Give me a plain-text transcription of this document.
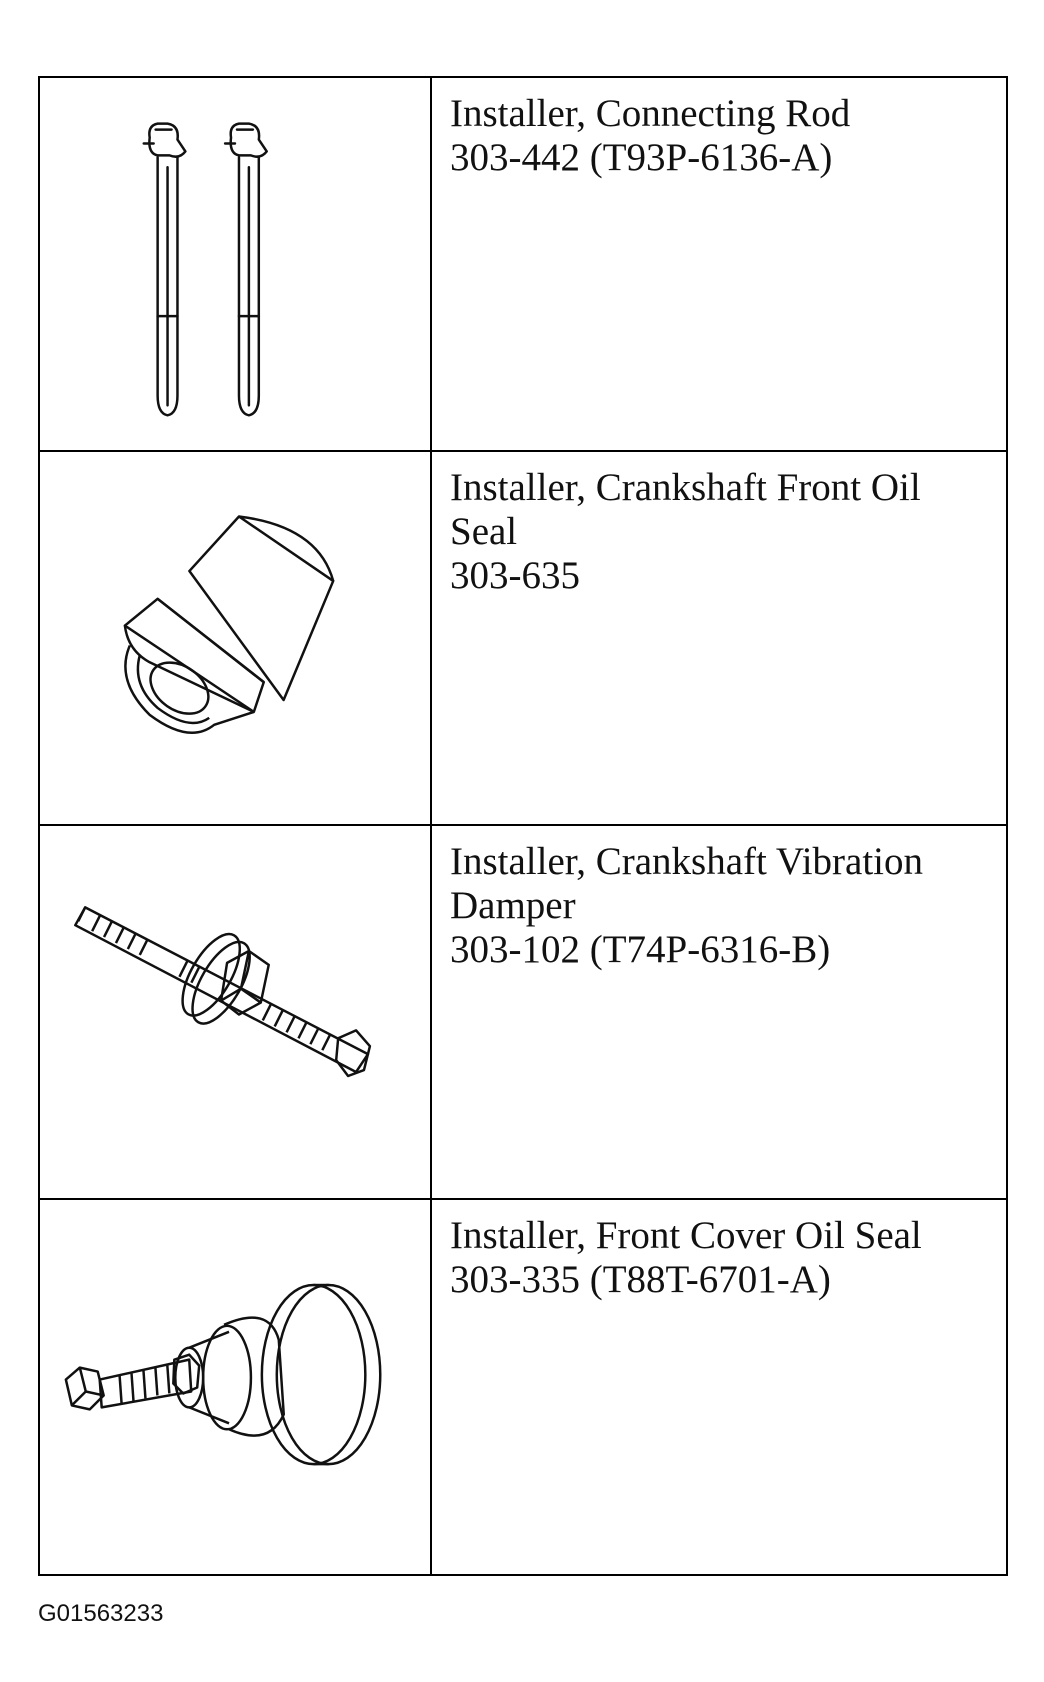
Installer, Connecting Rod
303-442 (T93P-6136-A)

Installer, Crankshaft Front Oil
Seal
303-635

Installer, Crankshaft Vibration
Damper
303-102 (T74P-6316-B)

Installer, Front Cover Oil Seal
303-335 (T88T-6701-A)

G01563233
